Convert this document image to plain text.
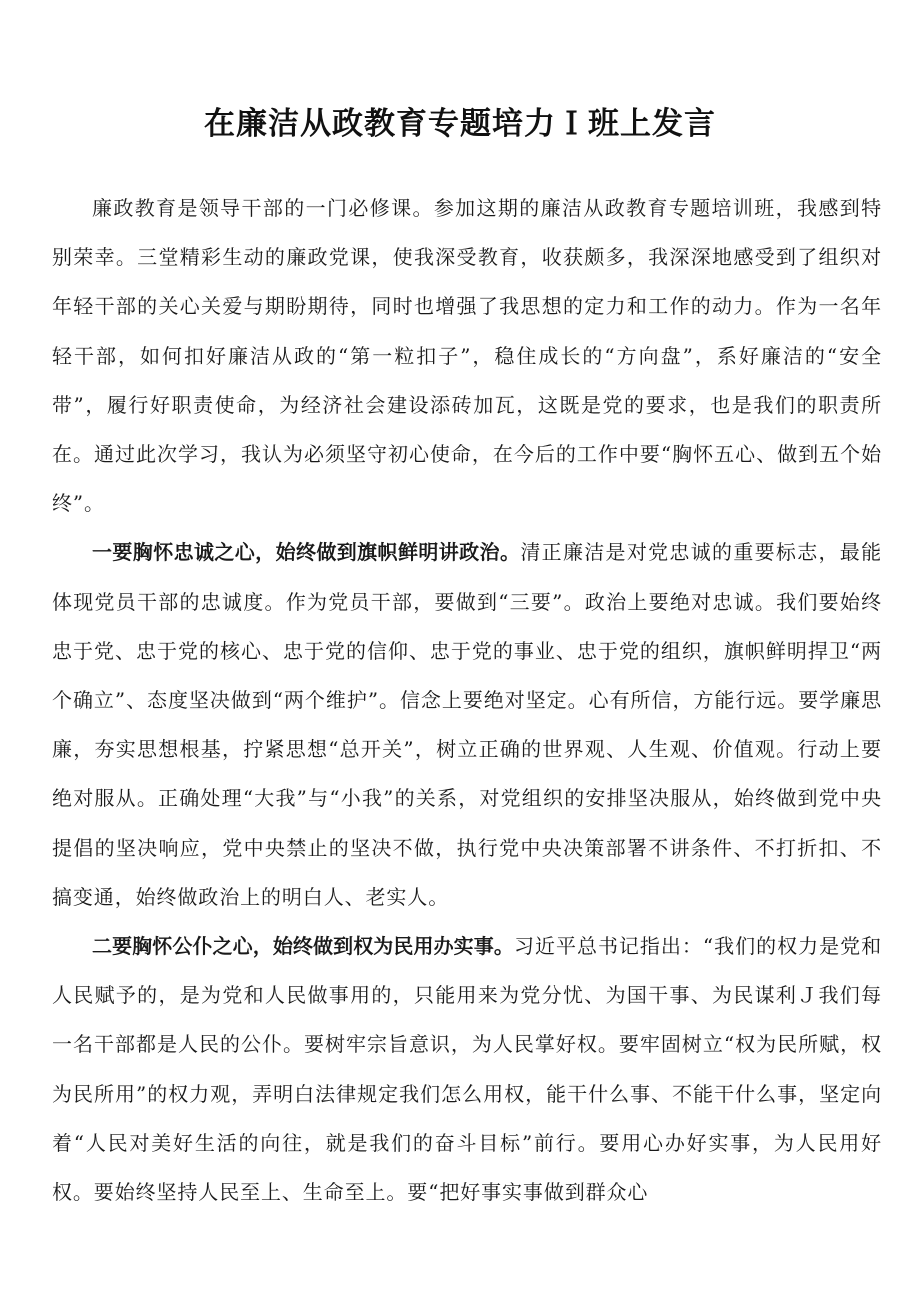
在廉洁从政教育专题培力Ｉ班上发言

廉政教育是领导干部的一门必修课。参加这期的廉洁从政教育专题培训班，我感到特别荣幸。三堂精彩生动的廉政党课，使我深受教育，收获颇多，我深深地感受到了组织对年轻干部的关心关爱与期盼期待，同时也增强了我思想的定力和工作的动力。作为一名年轻干部，如何扣好廉洁从政的“第一粒扣子”，稳住成长的“方向盘”，系好廉洁的“安全带”，履行好职责使命，为经济社会建设添砖加瓦，这既是党的要求，也是我们的职责所在。通过此次学习，我认为必须坚守初心使命，在今后的工作中要“胸怀五心、做到五个始终”。

一要胸怀忠诚之心，始终做到旗帜鲜明讲政治。清正廉洁是对党忠诚的重要标志，最能体现党员干部的忠诚度。作为党员干部，要做到“三要”。政治上要绝对忠诚。我们要始终忠于党、忠于党的核心、忠于党的信仰、忠于党的事业、忠于党的组织，旗帜鲜明捍卫“两个确立”、态度坚决做到“两个维护”。信念上要绝对坚定。心有所信，方能行远。要学廉思廉，夯实思想根基，拧紧思想“总开关”，树立正确的世界观、人生观、价值观。行动上要绝对服从。正确处理“大我”与“小我”的关系，对党组织的安排坚决服从，始终做到党中央提倡的坚决响应，党中央禁止的坚决不做，执行党中央决策部署不讲条件、不打折扣、不搞变通，始终做政治上的明白人、老实人。

二要胸怀公仆之心，始终做到权为民用办实事。习近平总书记指出：“我们的权力是党和人民赋予的，是为党和人民做事用的，只能用来为党分忧、为国干事、为民谋利Ｊ我们每一名干部都是人民的公仆。要树牢宗旨意识，为人民掌好权。要牢固树立“权为民所赋，权为民所用”的权力观，弄明白法律规定我们怎么用权，能干什么事、不能干什么事，坚定向着“人民对美好生活的向往，就是我们的奋斗目标”前行。要用心办好实事，为人民用好权。要始终坚持人民至上、生命至上。要“把好事实事做到群众心
